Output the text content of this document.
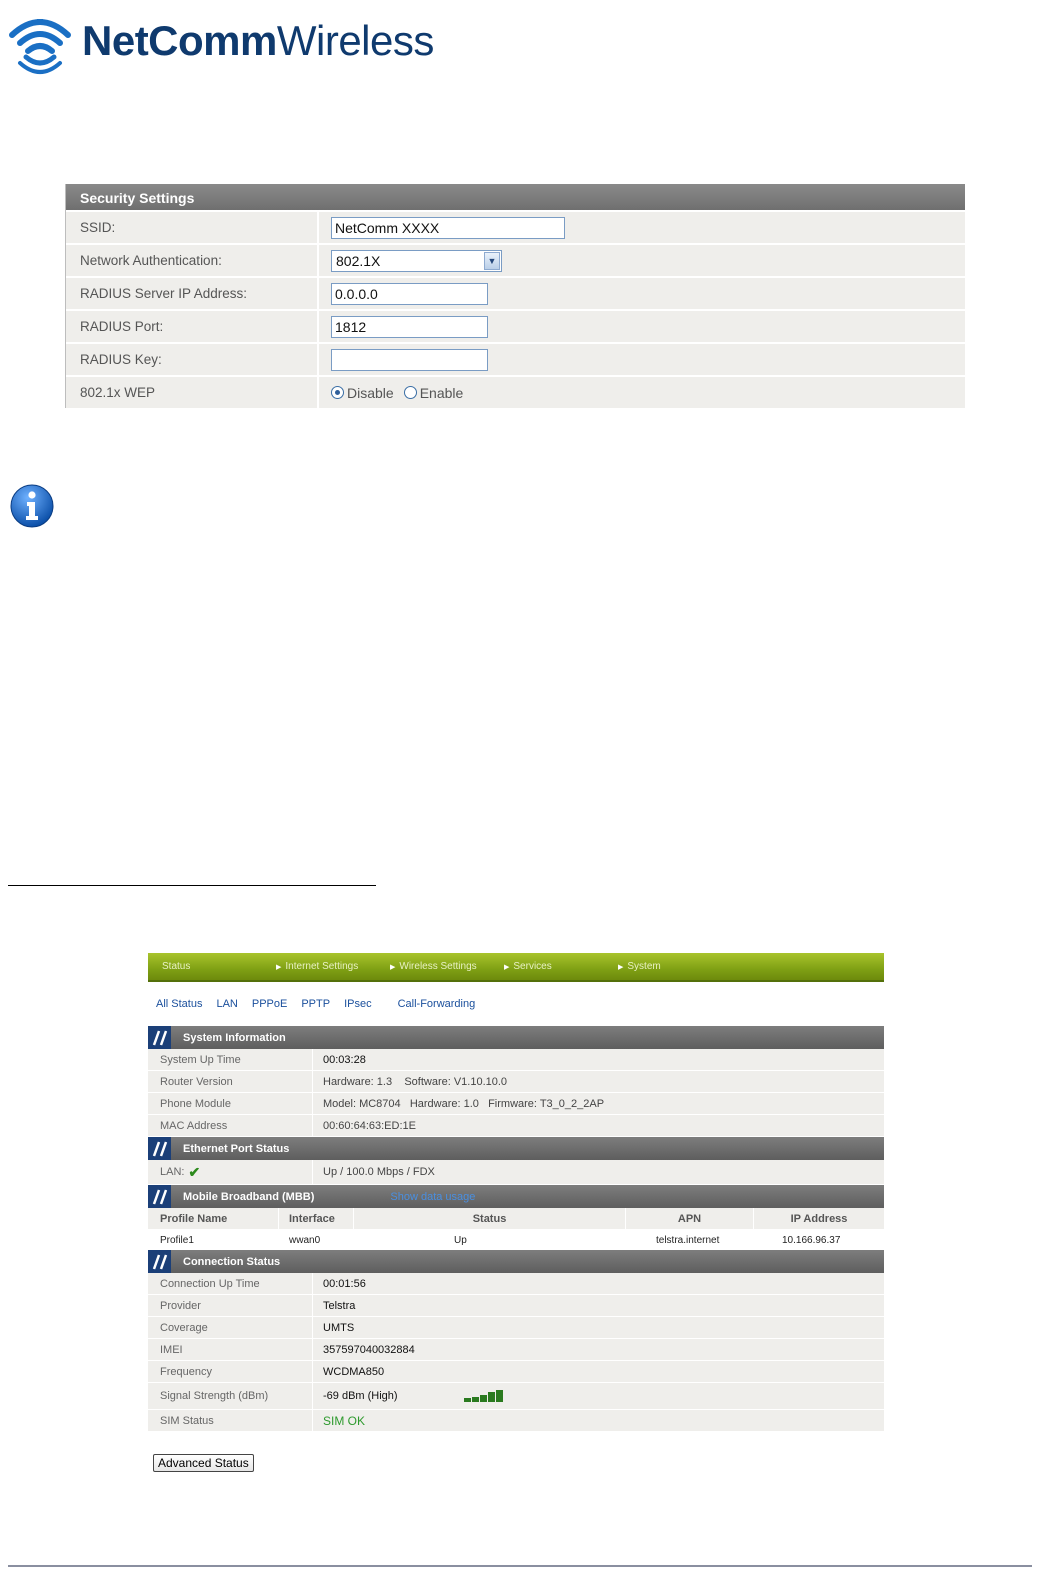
NetCommWireless
Security Settings
SSID:
NetComm XXXX
Network Authentication:	802.1X	▼
RADIUS Server IP Address:
0.0.0.0
RADIUS Port:
1812
RADIUS Key:
802.1x WEP	Disable Enable
Status	▶ Internet Settings	▶ Wireless Settings	▶ Services	▶ System
All Status LAN PPPoE PPTP IPsec Call-Forwarding
System Information
System Up Time	00:03:28
Router Version	Hardware: 1.3    Software: V1.10.10.0
Phone Module	Model: MC8704   Hardware: 1.0   Firmware: T3_0_2_2AP
MAC Address	00:60:64:63:ED:1E
Ethernet Port Status
LAN: ✔	Up / 100.0 Mbps / FDX
Mobile Broadband (MBB)	Show data usage
Profile Name	Interface	Status	APN	IP Address
Profile1	wwan0	Up	telstra.internet	10.166.96.37
Connection Status
Connection Up Time	00:01:56
Provider	Telstra
Coverage	UMTS
IMEI	357597040032884
Frequency	WCDMA850
Signal Strength (dBm)	-69 dBm (High)
SIM Status	SIM OK
Advanced Status
